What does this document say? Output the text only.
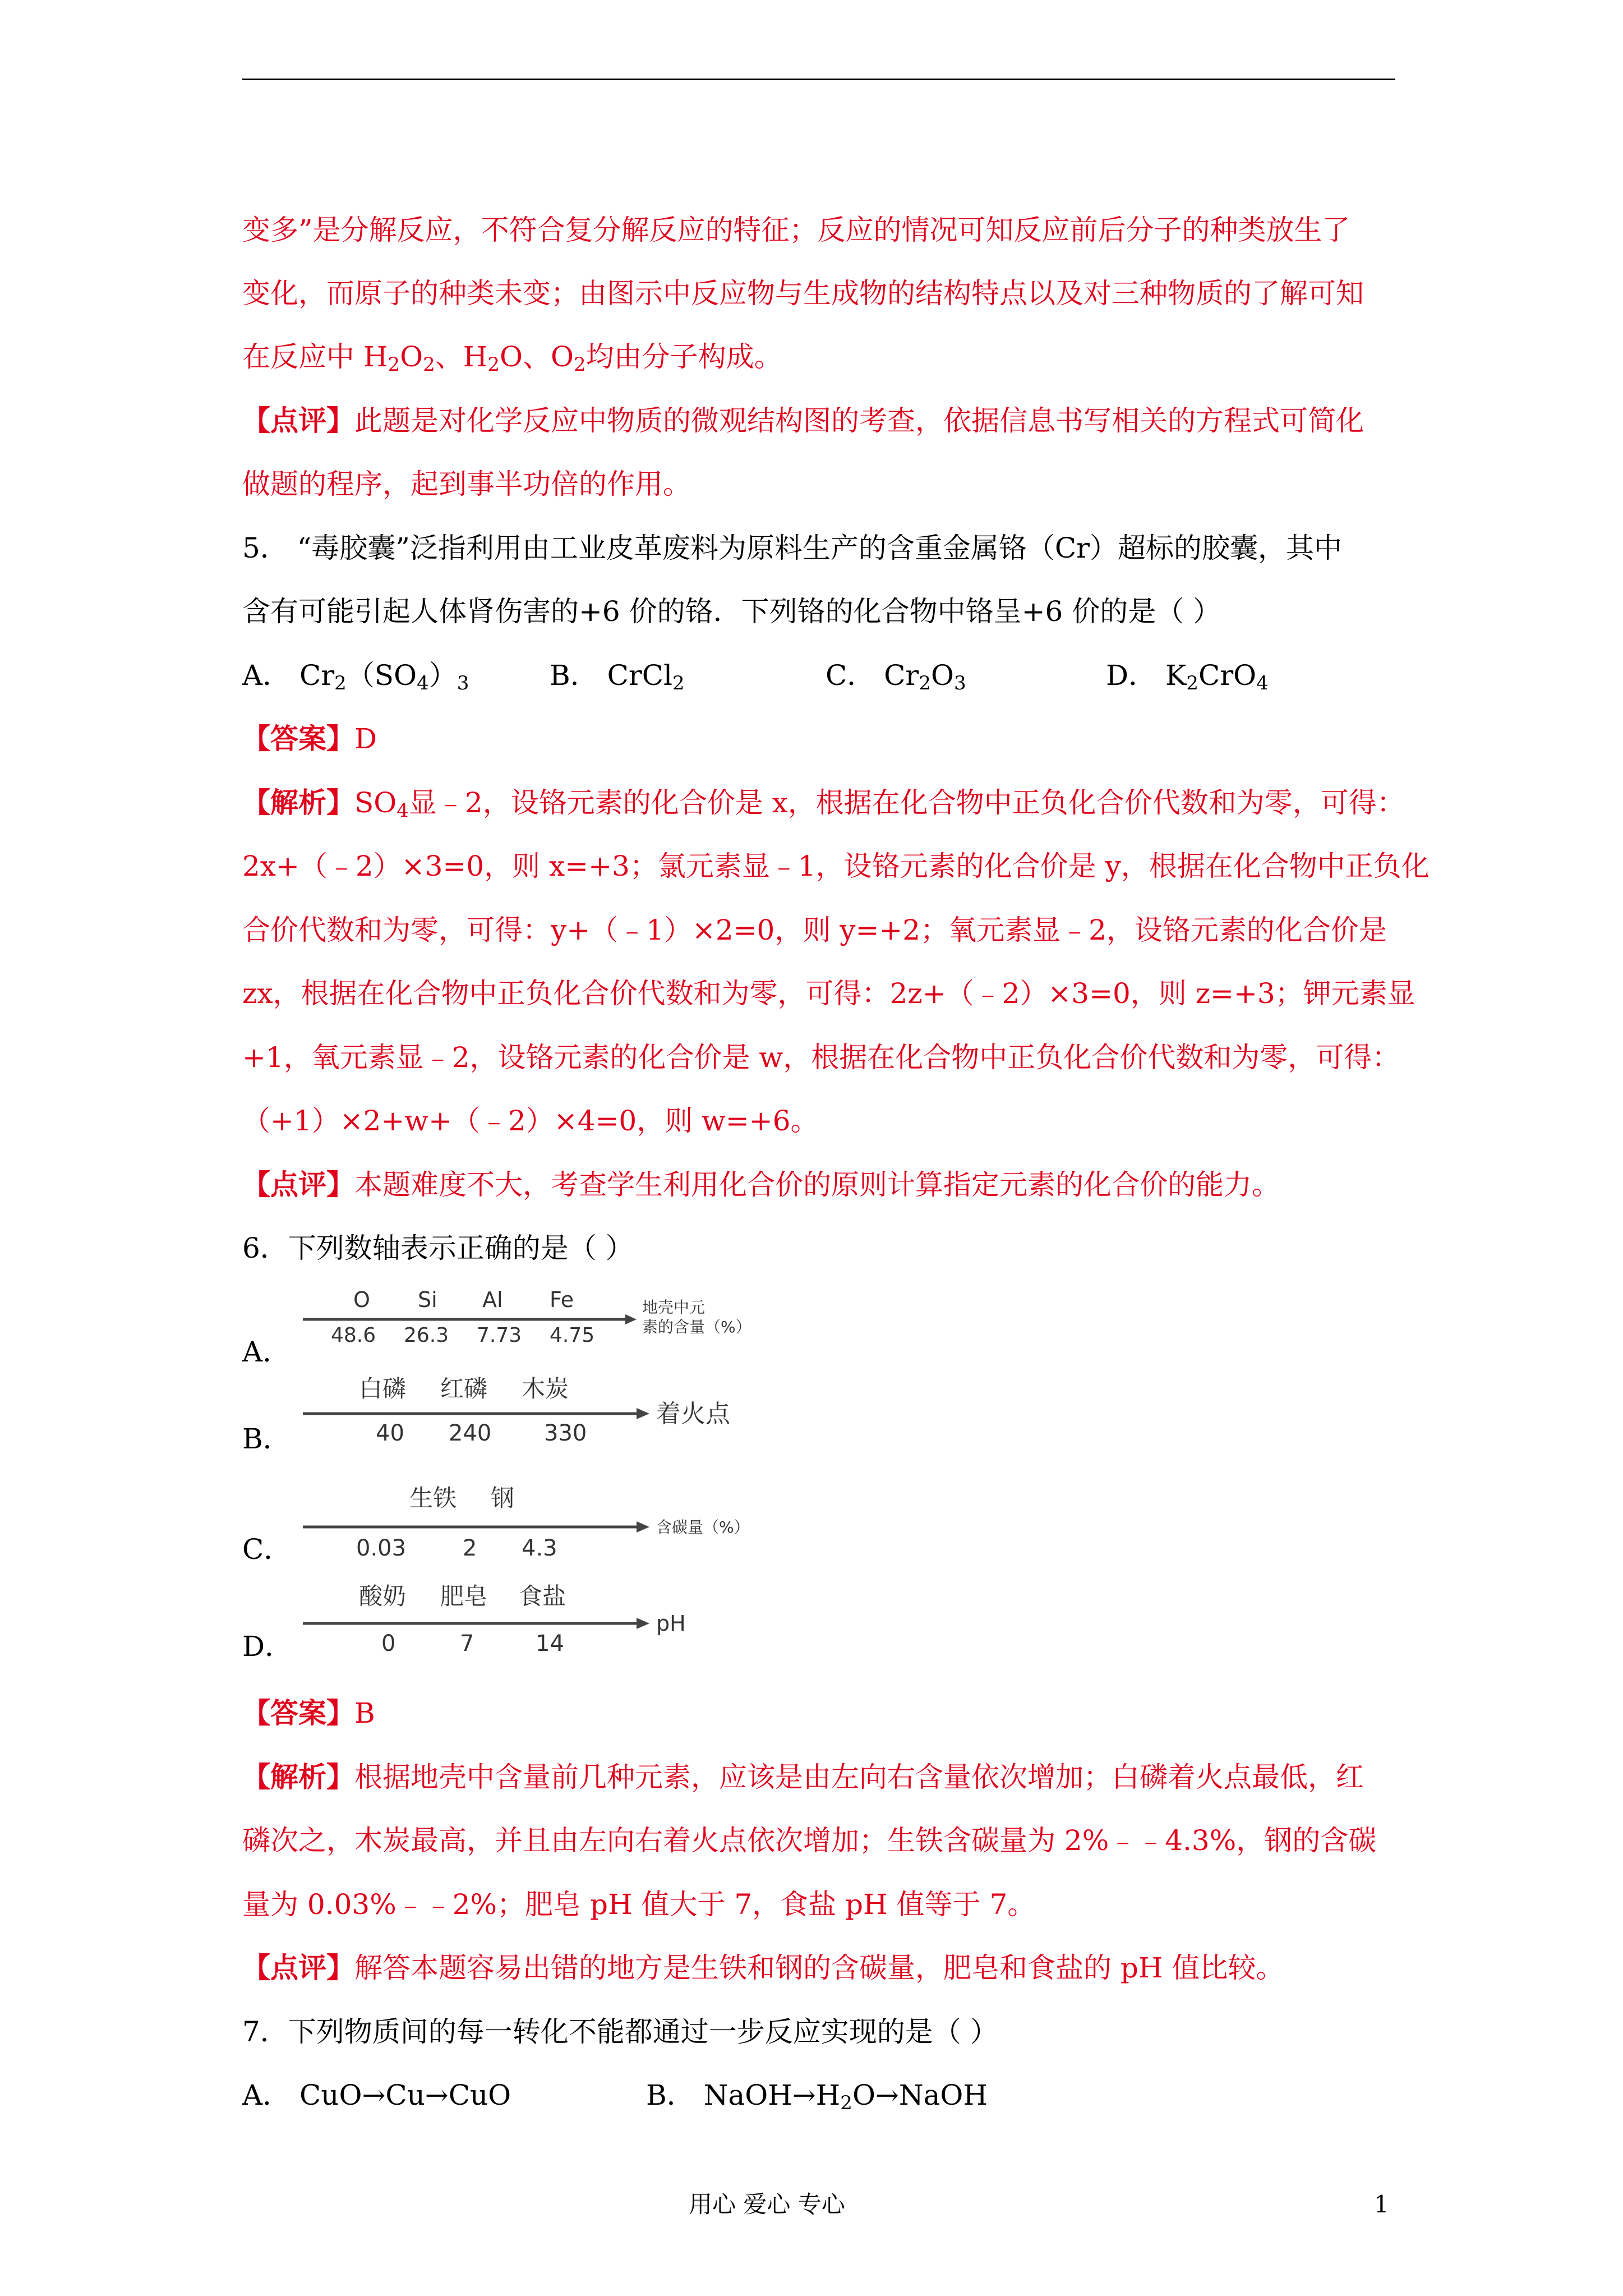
变多”是分解反应，不符合复分解反应的特征；反应的情况可知反应前后分子的种类放生了
变化，而原子的种类未变；由图示中反应物与生成物的结构特点以及对三种物质的了解可知
在反应中 $H_2O_2$、$H_2O$、$O_2$均由分子构成。
【点评】此题是对化学反应中物质的微观结构图的考查，依据信息书写相关的方程式可简化
做题的程序，起到事半功倍的作用。
5． “毒胶囊”泛指利用由工业皮革废料为原料生产的含重金属铬（Cr）超标的胶囊，其中
含有可能引起人体肾伤害的+6 价的铬．下列铬的化合物中铬呈+6 价的是（ ）
A． $Cr_2(SO_4)_3$	B． CrCl$_2$	C． $Cr_2O_3$	D． $K_2CrO_4$
【答案】D
【解析】$SO_4$显﹣2，设铬元素的化合价是 x，根据在化合物中正负化合价代数和为零，可得：
2x+（﹣2）×3=0，则 x=+3；氯元素显﹣1，设铬元素的化合价是 y，根据在化合物中正负化
合价代数和为零，可得：y+（﹣1）×2=0，则 y=+2；氧元素显﹣2，设铬元素的化合价是
zx，根据在化合物中正负化合价代数和为零，可得：2z+（﹣2）×3=0，则 z=+3；钾元素显
+1，氧元素显﹣2，设铬元素的化合价是 w，根据在化合物中正负化合价代数和为零，可得：
（+1）×2+w+（﹣2）×4=0，则 w=+6。
【点评】本题难度不大，考查学生利用化合价的原则计算指定元素的化合价的能力。
6．下列数轴表示正确的是（ ）
A．
O Si Al Fe
48.6 26.3 7.73 4.75
地壳中元
素的含量（%）
B．
白磷 红磷 木炭
40 240 330
着火点
C．
生铁 钢
0.03	2 4.3
含碳量（%）
D．
酸奶 肥皂 食盐
0	7	14
pH
【答案】B
【解析】根据地壳中含量前几种元素，应该是由左向右含量依次增加；白磷着火点最低，红
磷次之，木炭最高，并且由左向右着火点依次增加；生铁含碳量为 2%﹣﹣4.3%，钢的含碳
量为 0.03%﹣﹣2%；肥皂 pH 值大于 7，食盐 pH 值等于 7。
【点评】解答本题容易出错的地方是生铁和钢的含碳量，肥皂和食盐的 pH 值比较。
7．下列物质间的每一转化不能都通过一步反应实现的是（ ）
A． CuO→Cu→CuO	B． $NaOH\to H_2O\to NaOH$
用心 爱心 专心	1
